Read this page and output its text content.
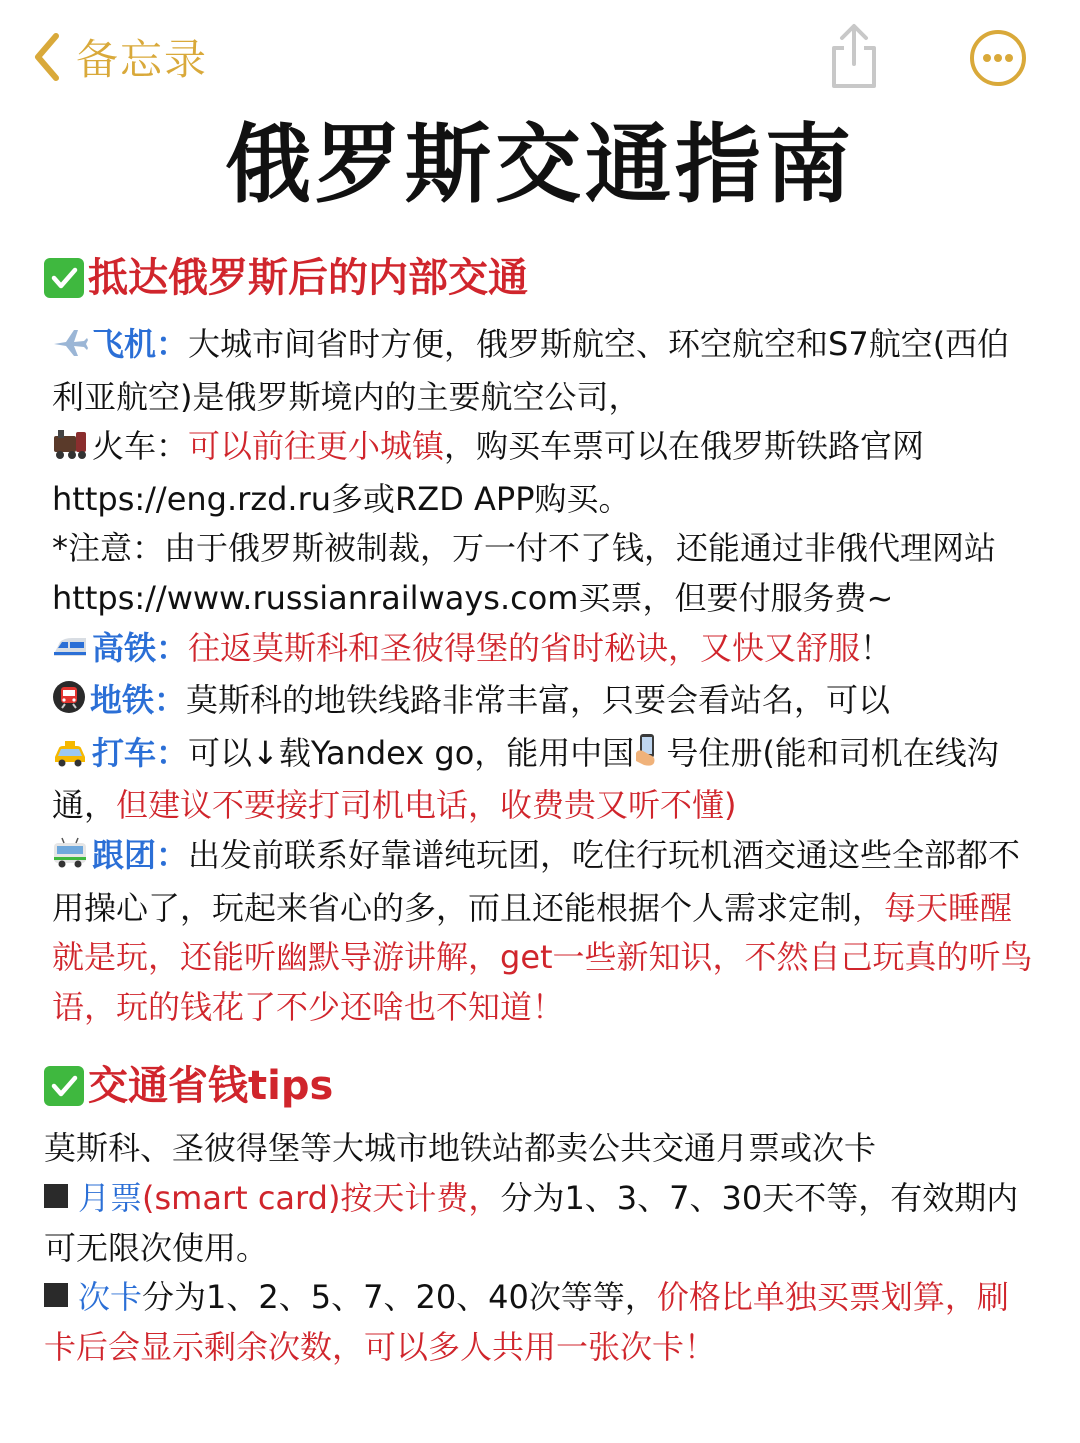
备忘录
俄罗斯交通指南
抵达俄罗斯后的内部交通

飞机：大城市间省时方便，俄罗斯航空、环空航空和S7航空(西伯利亚航空)是俄罗斯境内的主要航空公司，

火车：可以前往更小城镇，购买车票可以在俄罗斯铁路官网https://eng.rzd.ru多或RZD APP购买。

*注意：由于俄罗斯被制裁，万一付不了钱，还能通过非俄代理网站https://www.russianrailways.com买票，但要付服务费~

高铁：往返莫斯科和圣彼得堡的省时秘诀，又快又舒服！

地铁：莫斯科的地铁线路非常丰富，只要会看站名，可以

打车：可以↓载Yandex go，能用中国 号住册(能和司机在线沟通，但建议不要接打司机电话，收费贵又听不懂)

跟团：出发前联系好靠谱纯玩团，吃住行玩机酒交通这些全部都不用操心了，玩起来省心的多，而且还能根据个人需求定制，每天睡醒就是玩，还能听幽默导游讲解，get一些新知识，不然自己玩真的听鸟语，玩的钱花了不少还啥也不知道！

交通省钱tips

莫斯科、圣彼得堡等大城市地铁站都卖公共交通月票或次卡

月票(smart card)按天计费，分为1、3、7、30天不等，有效期内可无限次使用。

次卡分为1、2、5、7、20、40次等等，价格比单独买票划算，刷卡后会显示剩余次数，可以多人共用一张次卡！
